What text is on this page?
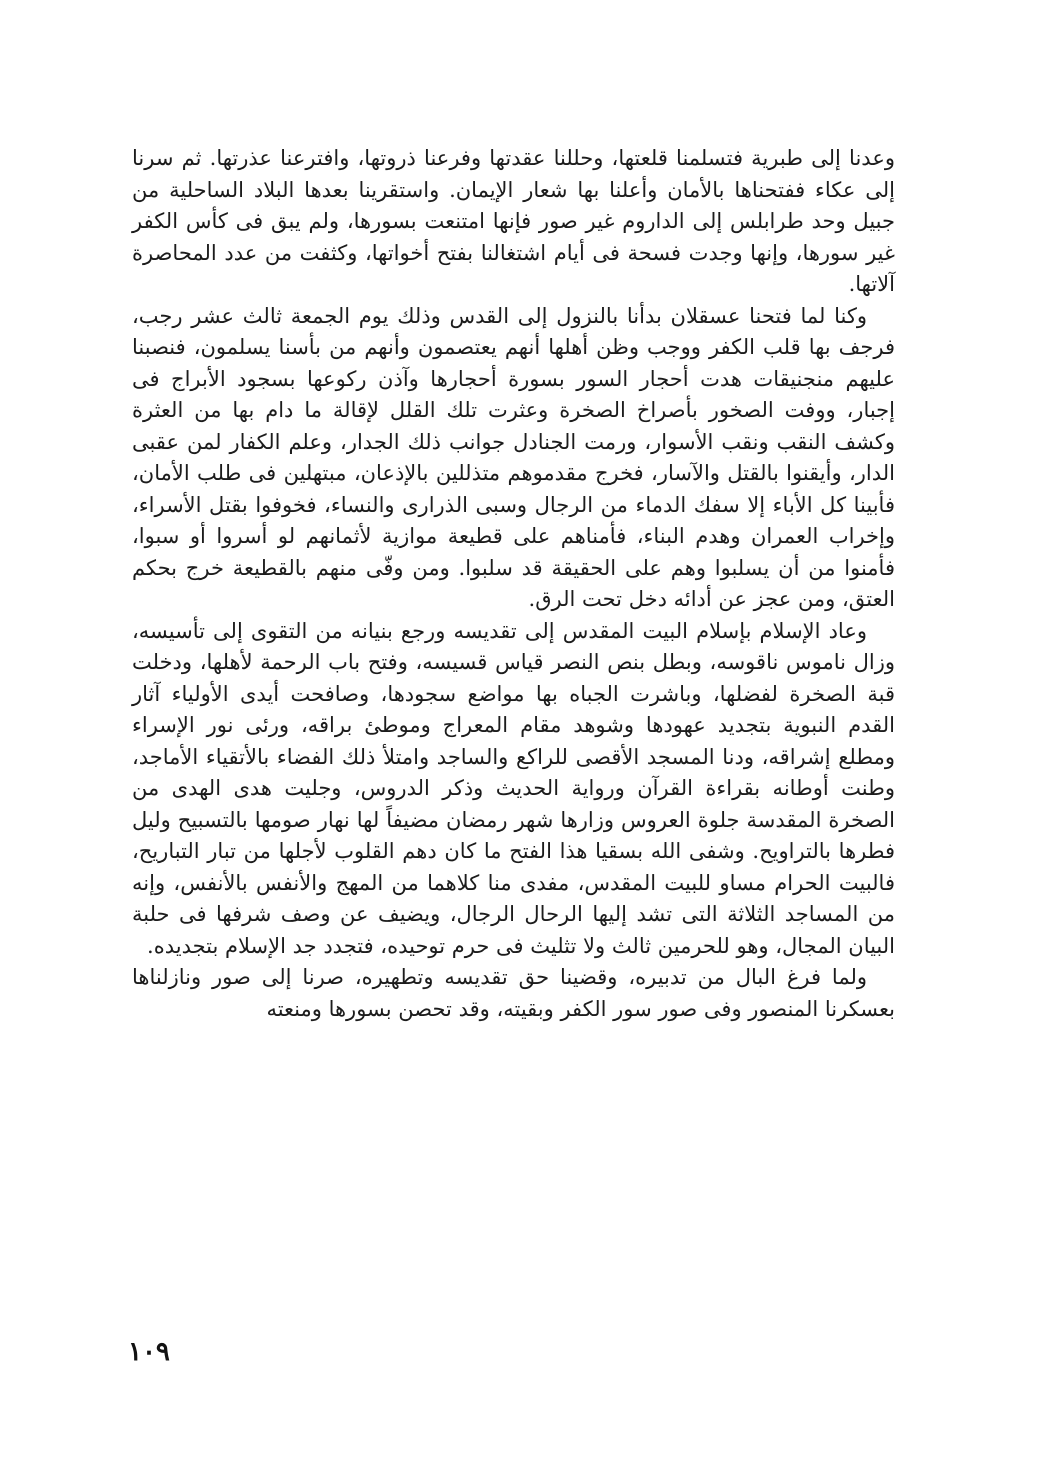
وعدنا إلى طبرية فتسلمنا قلعتها، وحللنا عقدتها وفرعنا ذروتها، وافترعنا عذرتها. ثم سرنا إلى عكاء ففتحناها بالأمان وأعلنا بها شعار الإيمان. واستقرينا بعدها البلاد الساحلية من جبيل وحد طرابلس إلى الداروم غير صور فإنها امتنعت بسورها، ولم يبق فى كأس الكفر غير سورها، وإنها وجدت فسحة فى أيام اشتغالنا بفتح أخواتها، وكثفت من عدد المحاصرة آلاتها.

وكنا لما فتحنا عسقلان بدأنا بالنزول إلى القدس وذلك يوم الجمعة ثالث عشر رجب، فرجف بها قلب الكفر ووجب وظن أهلها أنهم يعتصمون وأنهم من بأسنا يسلمون، فنصبنا عليهم منجنيقات هدت أحجار السور بسورة أحجارها وآذن ركوعها بسجود الأبراج فى إجبار، ووفت الصخور بأصراخ الصخرة وعثرت تلك القلل لإقالة ما دام بها من العثرة وكشف النقب ونقب الأسوار، ورمت الجنادل جوانب ذلك الجدار، وعلم الكفار لمن عقبى الدار، وأيقنوا بالقتل والآسار، فخرج مقدموهم متذللين بالإذعان، مبتهلين فى طلب الأمان، فأبينا كل الأباء إلا سفك الدماء من الرجال وسبى الذرارى والنساء، فخوفوا بقتل الأسراء، وإخراب العمران وهدم البناء، فأمناهم على قطيعة موازية لأثمانهم لو أسروا أو سبوا، فأمنوا من أن يسلبوا وهم على الحقيقة قد سلبوا. ومن وفّى منهم بالقطيعة خرج بحكم العتق، ومن عجز عن أدائه دخل تحت الرق.

وعاد الإسلام بإسلام البيت المقدس إلى تقديسه ورجع بنيانه من التقوى إلى تأسيسه، وزال ناموس ناقوسه، وبطل بنص النصر قياس قسيسه، وفتح باب الرحمة لأهلها، ودخلت قبة الصخرة لفضلها، وباشرت الجباه بها مواضع سجودها، وصافحت أيدى الأولياء آثار القدم النبوية بتجديد عهودها وشوهد مقام المعراج وموطئ براقه، ورئى نور الإسراء ومطلع إشراقه، ودنا المسجد الأقصى للراكع والساجد وامتلأ ذلك الفضاء بالأتقياء الأماجد، وطنت أوطانه بقراءة القرآن ورواية الحديث وذكر الدروس، وجليت هدى الهدى من الصخرة المقدسة جلوة العروس وزارها شهر رمضان مضيفاً لها نهار صومها بالتسبيح وليل فطرها بالتراويح. وشفى الله بسقيا هذا الفتح ما كان دهم القلوب لأجلها من تبار التباريح، فالبيت الحرام مساو للبيت المقدس، مفدى منا كلاهما من المهج والأنفس بالأنفس، وإنه من المساجد الثلاثة التى تشد إليها الرحال الرجال، ويضيف عن وصف شرفها فى حلبة البيان المجال، وهو للحرمين ثالث ولا تثليث فى حرم توحيده، فتجدد جد الإسلام بتجديده.

ولما فرغ البال من تدبيره، وقضينا حق تقديسه وتطهيره، صرنا إلى صور ونازلناها بعسكرنا المنصور وفى صور سور الكفر وبقيته، وقد تحصن بسورها ومنعته

١٠٩
